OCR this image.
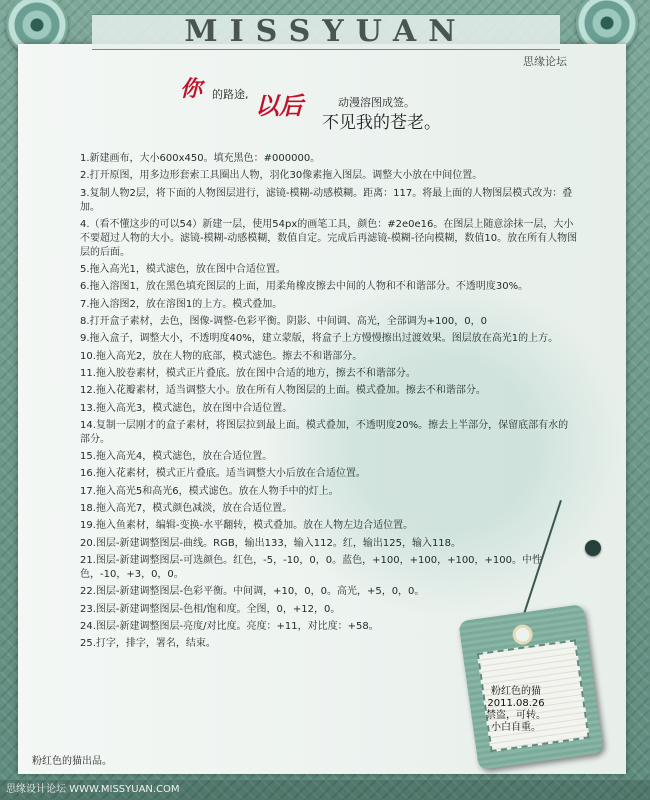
MISSYUAN
思缘论坛
你 的路途, 以后	动漫溶图成签。
不见我的苍老。
1.新建画布，大小600x450。填充黑色：#000000。
2.打开原图，用多边形套索工具圈出人物，羽化30像素拖入图层。调整大小放在中间位置。
3.复制人物2层，将下面的人物图层进行，滤镜-模糊-动感模糊。距离：117。将最上面的人物图层模式改为：叠加。
4.（看不懂这步的可以54）新建一层，使用54px的画笔工具，颜色：#2e0e16。在图层上随意涂抹一层，大小不要超过人物的大小。滤镜-模糊-动感模糊，数值自定。完成后再滤镜-模糊-径向模糊，数值10。放在所有人物图层的后面。
5.拖入高光1，模式滤色，放在图中合适位置。
6.拖入溶图1，放在黑色填充图层的上面，用柔角橡皮擦去中间的人物和不和谐部分。不透明度30%。
7.拖入溶图2，放在溶图1的上方。模式叠加。
8.打开盒子素材，去色，图像-调整-色彩平衡。阴影、中间调、高光，全部调为+100，0，0
9.拖入盒子，调整大小，不透明度40%，建立蒙版，将盒子上方慢慢擦出过渡效果。图层放在高光1的上方。
10.拖入高光2，放在人物的底部，模式滤色。擦去不和谐部分。
11.拖入胶卷素材，模式正片叠底。放在图中合适的地方，擦去不和谐部分。
12.拖入花瓣素材，适当调整大小。放在所有人物图层的上面。模式叠加。擦去不和谐部分。
13.拖入高光3，模式滤色，放在图中合适位置。
14.复制一层刚才的盒子素材，将图层拉到最上面。模式叠加，不透明度20%。擦去上半部分，保留底部有水的部分。
15.拖入高光4，模式滤色，放在合适位置。
16.拖入花素材，模式正片叠底。适当调整大小后放在合适位置。
17.拖入高光5和高光6，模式滤色。放在人物手中的灯上。
18.拖入高光7，模式颜色减淡，放在合适位置。
19.拖入鱼素材，编辑-变换-水平翻转，模式叠加。放在人物左边合适位置。
20.图层-新建调整图层-曲线。RGB，输出133，输入112。红，输出125，输入118。
21.图层-新建调整图层-可选颜色。红色，-5，-10，0，0。蓝色，+100，+100，+100，+100。中性色，-10，+3，0，0。
22.图层-新建调整图层-色彩平衡。中间调，+10，0，0。高光，+5，0，0。
23.图层-新建调整图层-色相/饱和度。全图，0，+12，0。
24.图层-新建调整图层-亮度/对比度。亮度：+11，对比度：+58。
25.打字，排字，署名，结束。
粉红色的猫
2011.08.26
禁盗，可转。
小白自重。
粉红色的猫出品。
思缘设计论坛 WWW.MISSYUAN.COM
